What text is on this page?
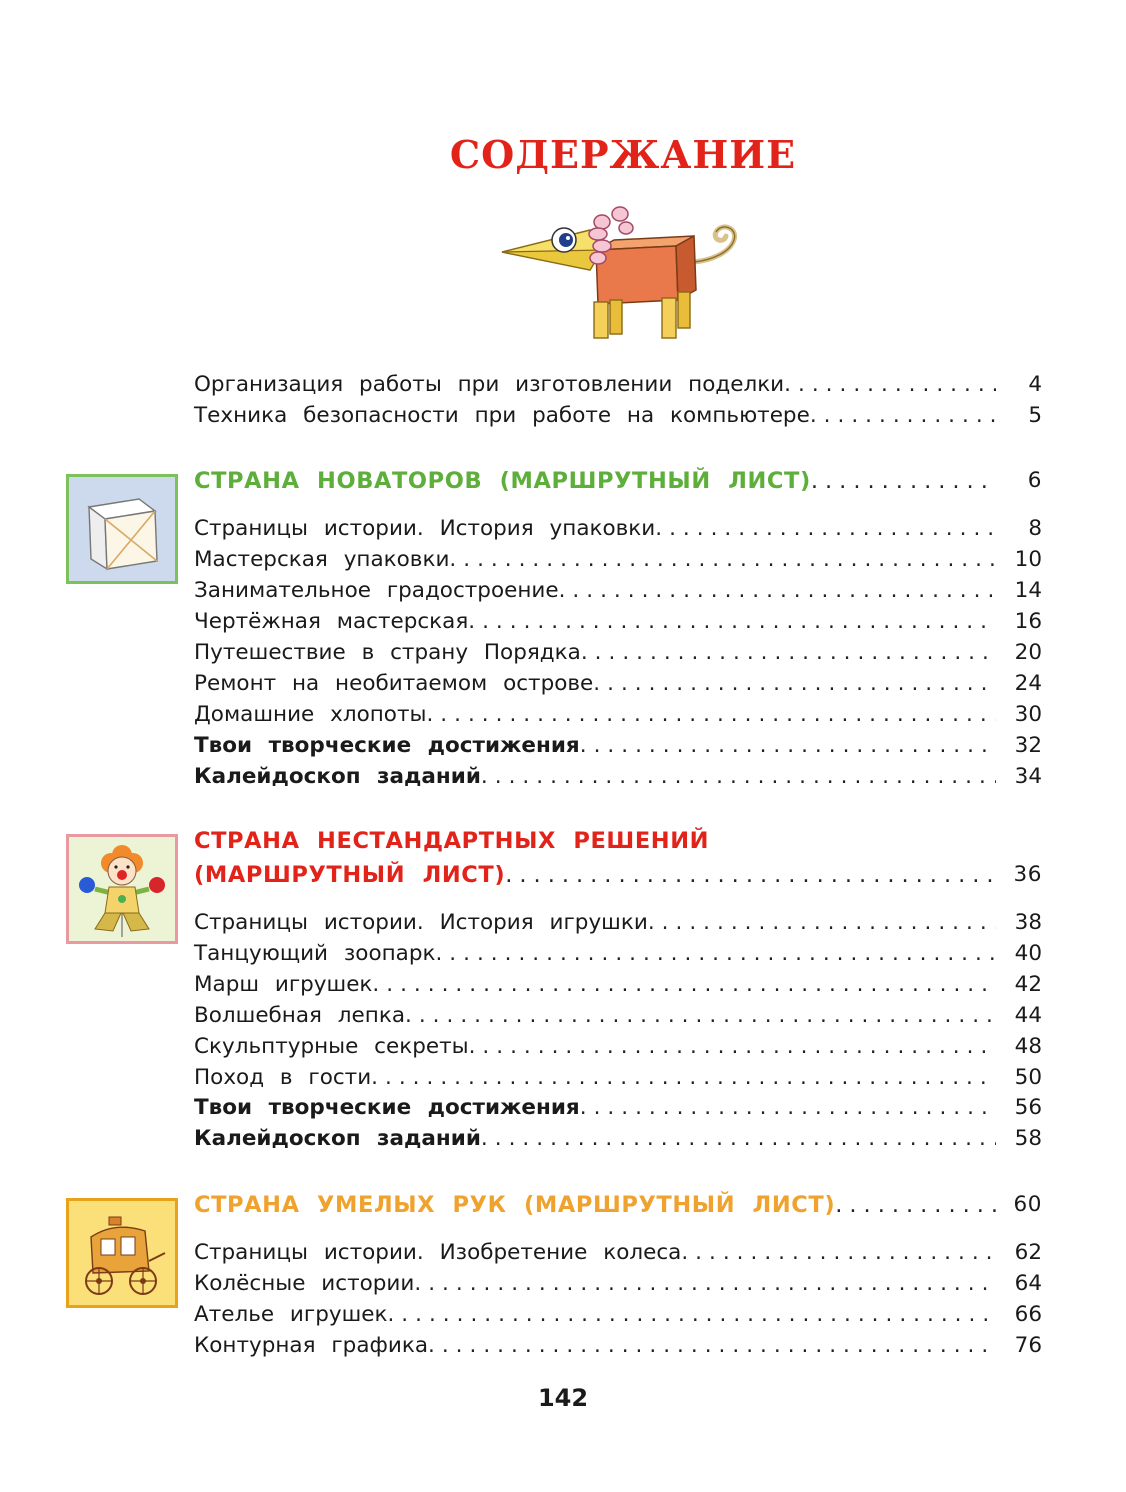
СОДЕРЖАНИЕ
Организация работы при изготовлении поделки .....	4
Техника безопасности при работе на компьютере .....	5
СТРАНА НОВАТОРОВ (МАРШРУТНЫЙ ЛИСТ) .....	6
Страницы истории. История упаковки .....	8
Мастерская упаковки .....	10
Занимательное градостроение .....	14
Чертёжная мастерская .....	16
Путешествие в страну Порядка .....	20
Ремонт на необитаемом острове .....	24
Домашние хлопоты .....	30
Твои творческие достижения .....	32
Калейдоскоп заданий .....	34
СТРАНА НЕСТАНДАРТНЫХ РЕШЕНИЙ
(МАРШРУТНЫЙ ЛИСТ) .....	36
Страницы истории. История игрушки .....	38
Танцующий зоопарк .....	40
Марш игрушек .....	42
Волшебная лепка .....	44
Скульптурные секреты .....	48
Поход в гости .....	50
Твои творческие достижения .....	56
Калейдоскоп заданий .....	58
СТРАНА УМЕЛЫХ РУК (МАРШРУТНЫЙ ЛИСТ) .....	60
Страницы истории. Изобретение колеса .....	62
Колёсные истории .....	64
Ателье игрушек .....	66
Контурная графика .....	76
142
